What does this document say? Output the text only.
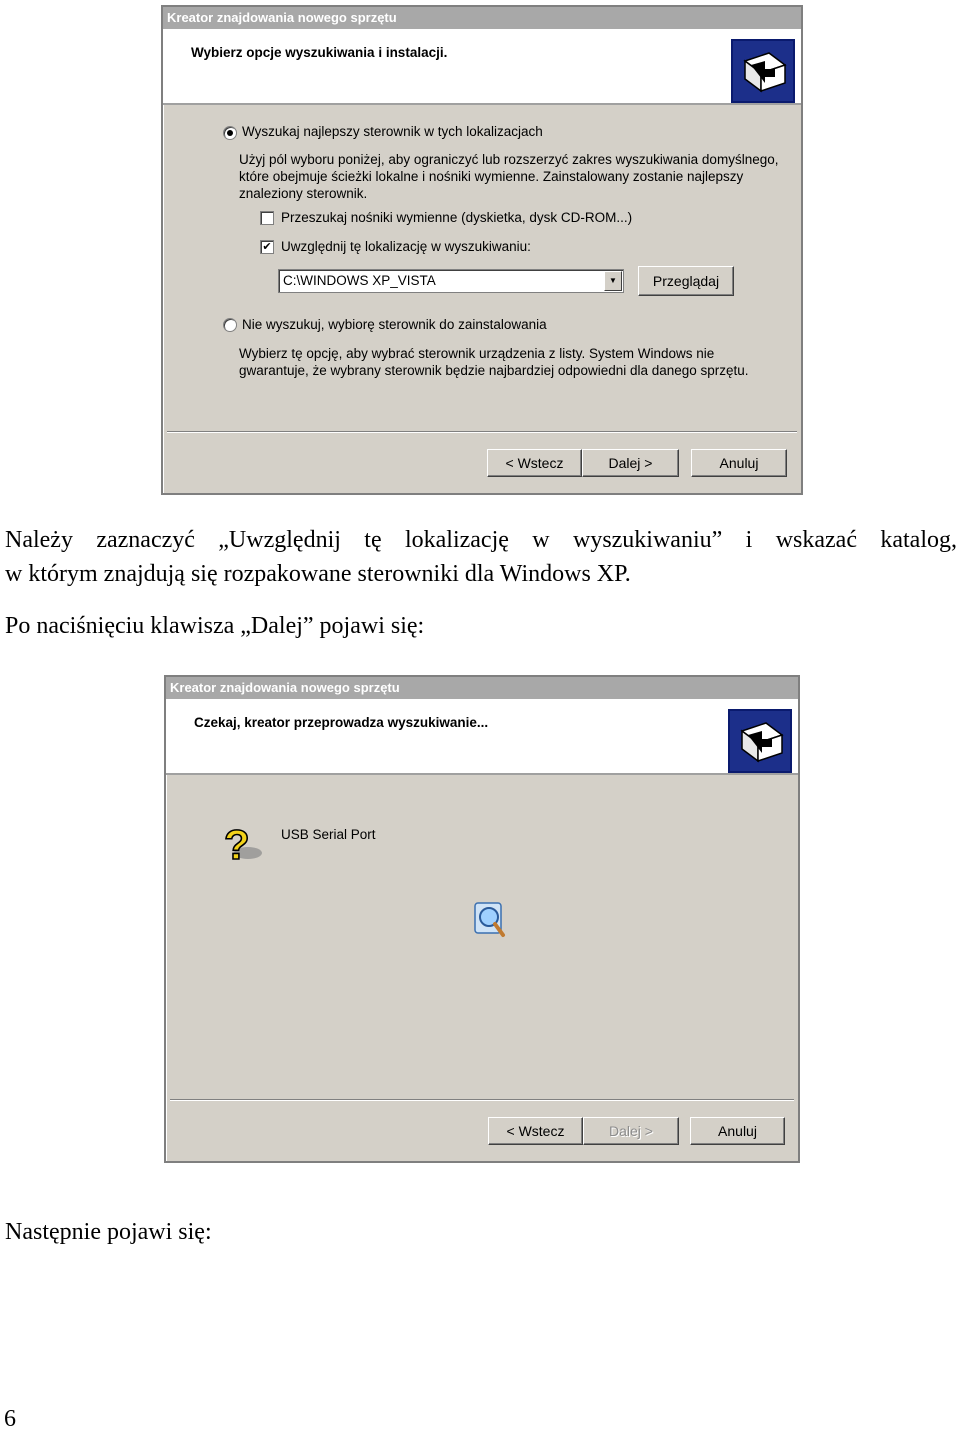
Kreator znajdowania nowego sprzętu
Wybierz opcje wyszukiwania i instalacji.
Wyszukaj najlepszy sterownik w tych lokalizacjach
Użyj pól wyboru poniżej, aby ograniczyć lub rozszerzyć zakres wyszukiwania domyślnego,
które obejmuje ścieżki lokalne i nośniki wymienne. Zainstalowany zostanie najlepszy
znaleziony sterownik.
Przeszukaj nośniki wymienne (dyskietka, dysk CD-ROM...)
✔ Uwzględnij tę lokalizację w wyszukiwaniu:
C:\WINDOWS XP_VISTA	▼	Przeglądaj
Nie wyszukuj, wybiorę sterownik do zainstalowania
Wybierz tę opcję, aby wybrać sterownik urządzenia z listy. System Windows nie
gwarantuje, że wybrany sterownik będzie najbardziej odpowiedni dla danego sprzętu.
< Wstecz	Dalej >	Anuluj
Należy zaznaczyć „Uwzględnij tę lokalizację w wyszukiwaniu” i wskazać katalog,
w którym znajdują się rozpakowane sterowniki dla Windows XP.
Po naciśnięciu klawisza „Dalej” pojawi się:
Kreator znajdowania nowego sprzętu
Czekaj, kreator przeprowadza wyszukiwanie...
? USB Serial Port
< Wstecz	Dalej >	Anuluj
Następnie pojawi się:
6
